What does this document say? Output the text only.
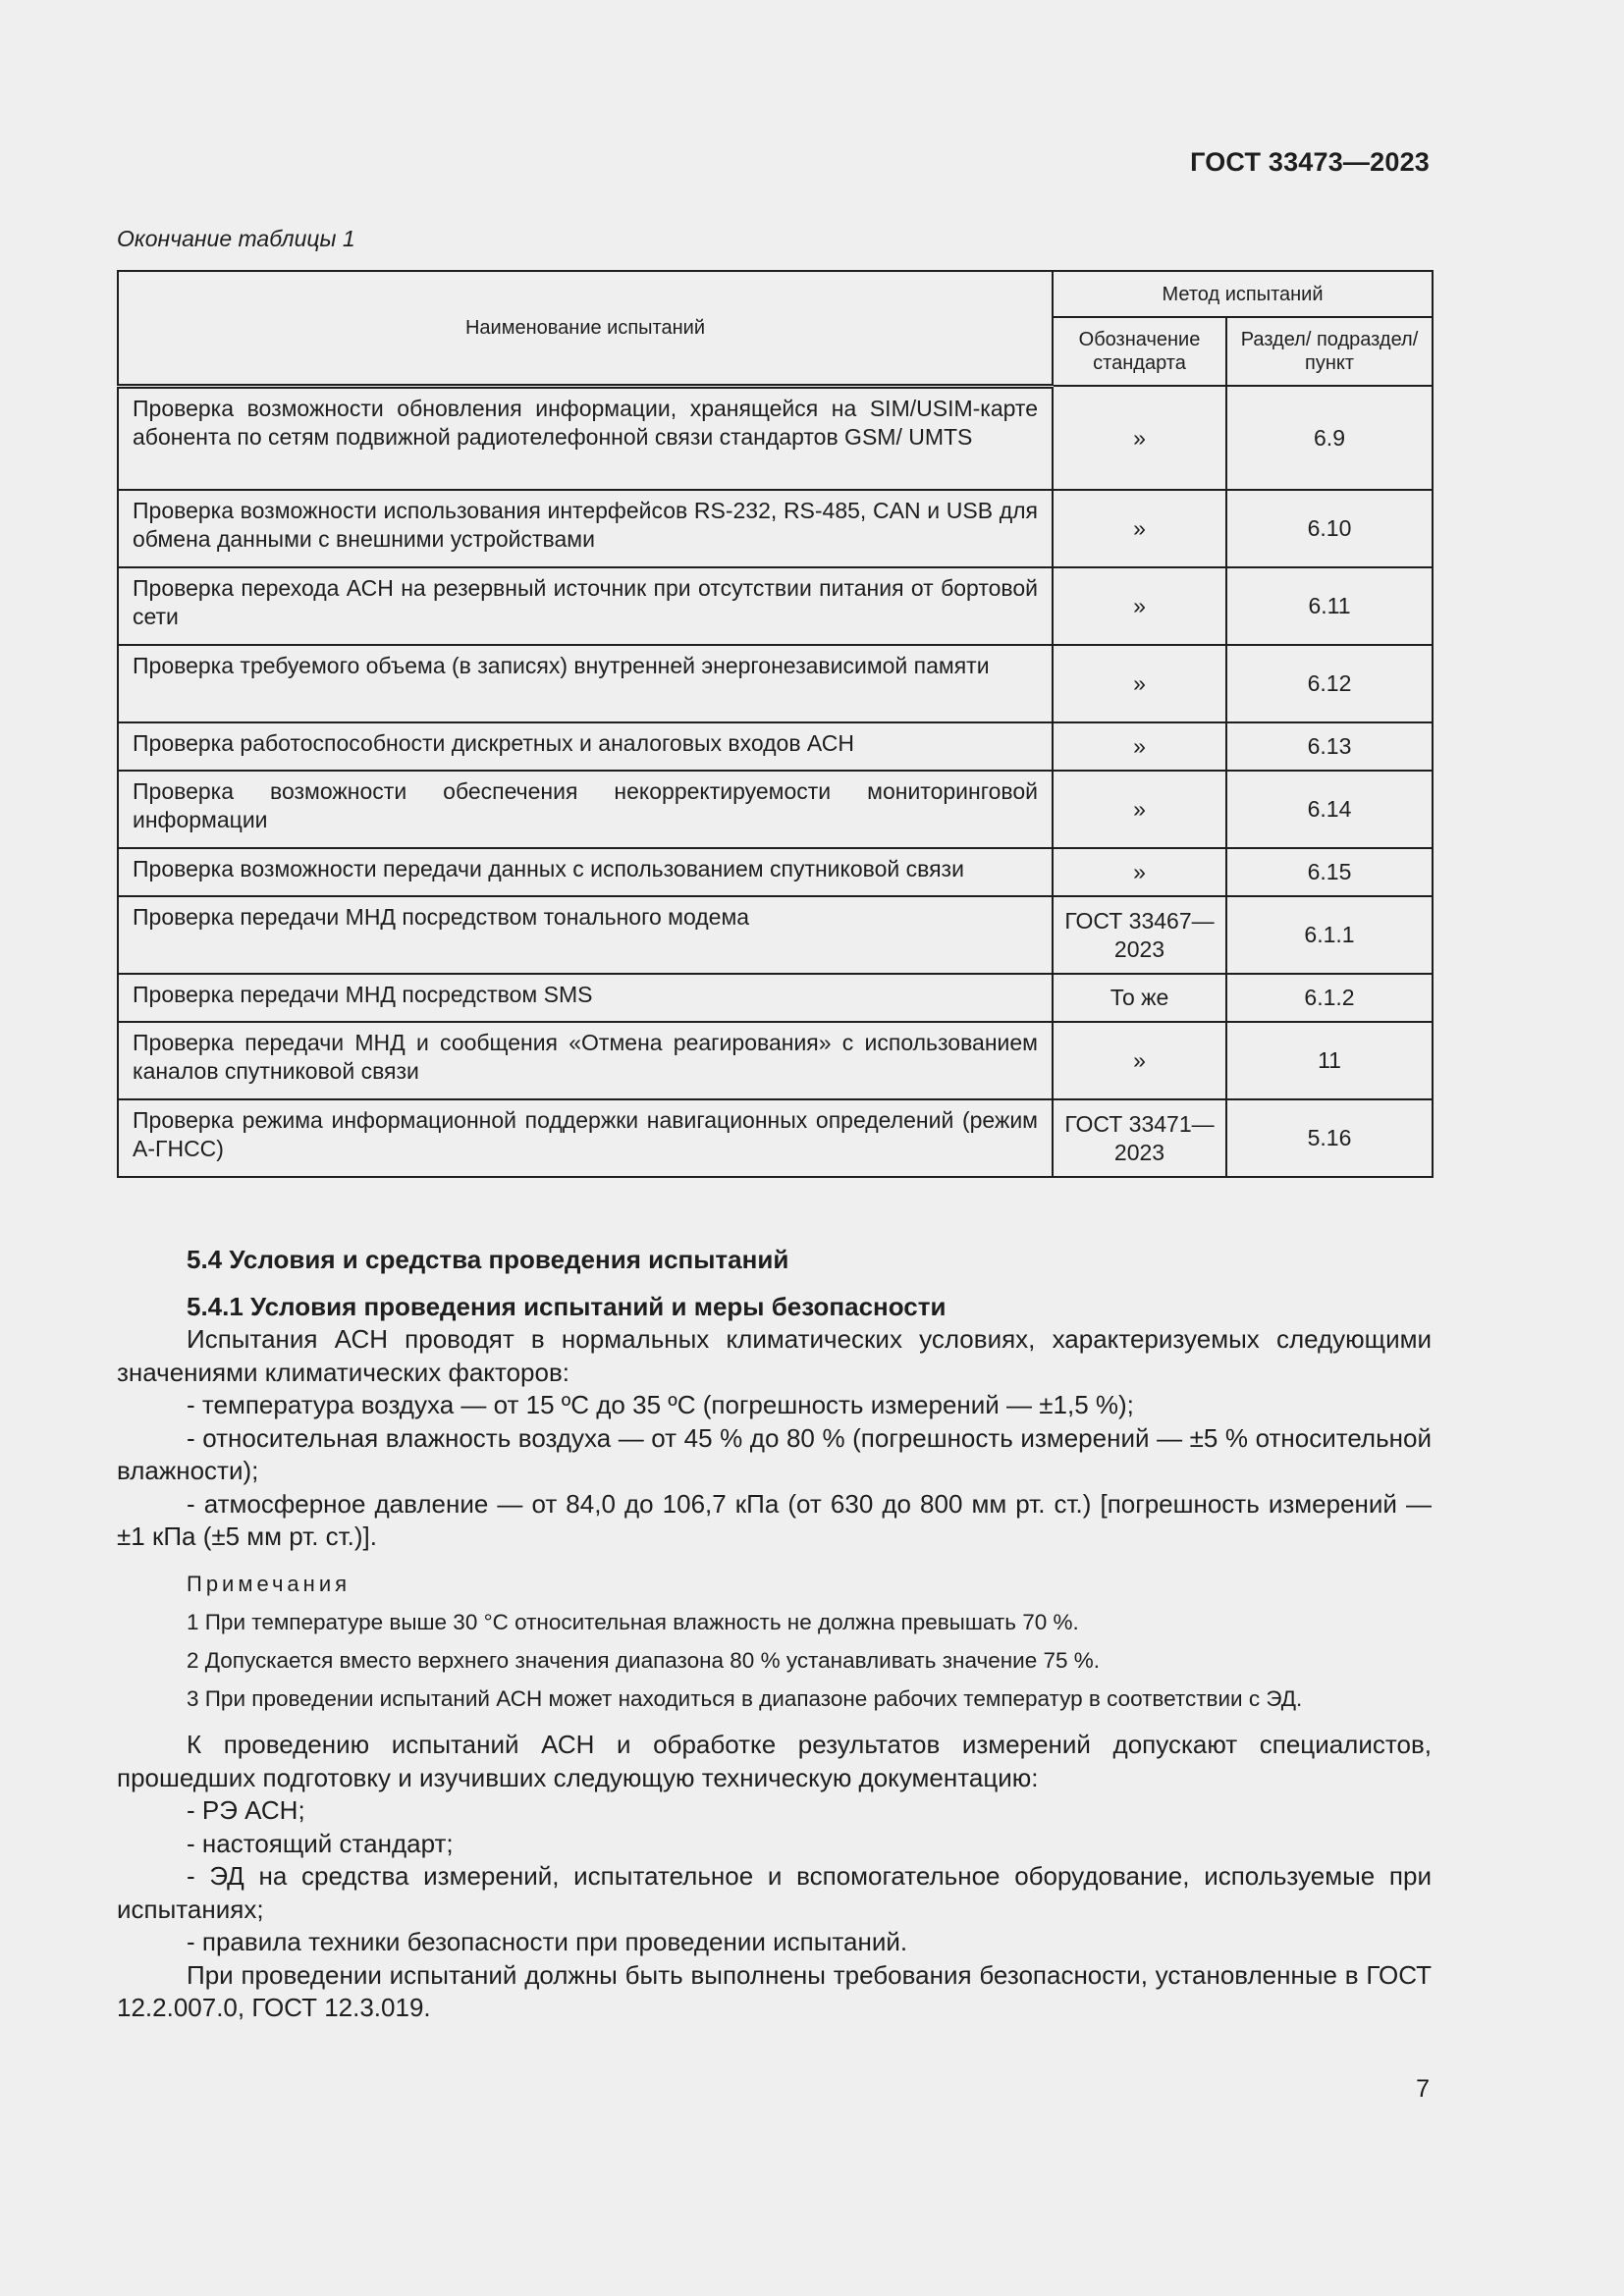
ГОСТ 33473—2023
Окончание таблицы 1
Наименование испытаний	Метод испытаний	
	Обозначение стандарта	Раздел/ подраздел/пункт
Проверка возможности обновления информации, хранящейся на SIM/USIM-карте абонента по сетям подвижной радиотелефонной связи стандартов GSM/ UMTS	»	6.9
Проверка возможности использования интерфейсов RS-232, RS-485, CAN и USB для обмена данными с внешними устройствами	»	6.10
Проверка перехода АСН на резервный источник при отсутствии питания от бортовой сети	»	6.11
Проверка требуемого объема (в записях) внутренней энергонезависимой памяти	»	6.12
Проверка работоспособности дискретных и аналоговых входов АСН	»	6.13
Проверка возможности обеспечения некорректируемости мониторинговой информации	»	6.14
Проверка возможности передачи данных с использованием спутниковой связи	»	6.15
Проверка передачи МНД посредством тонального модема	ГОСТ 33467—2023	6.1.1
Проверка передачи МНД посредством SMS	То же	6.1.2
Проверка передачи МНД и сообщения «Отмена реагирования» с использованием каналов спутниковой связи	»	11
Проверка режима информационной поддержки навигационных определений (режим А-ГНСС)	ГОСТ 33471—2023	5.16

5.4 Условия и средства проведения испытаний

5.4.1 Условия проведения испытаний и меры безопасности

Испытания АСН проводят в нормальных климатических условиях, характеризуемых следующими значениями климатических факторов:

- температура воздуха — от 15 ºС до 35 ºС (погрешность измерений — ±1,5 %);

- относительная влажность воздуха — от 45 % до 80 % (погрешность измерений — ±5 % относительной влажности);

- атмосферное давление — от 84,0 до 106,7 кПа (от 630 до 800 мм рт. ст.) [погрешность измерений — ±1 кПа (±5 мм рт. ст.)].

Примечания

1 При температуре выше 30 °С относительная влажность не должна превышать 70 %.

2 Допускается вместо верхнего значения диапазона 80 % устанавливать значение 75 %.

3 При проведении испытаний АСН может находиться в диапазоне рабочих температур в соответствии с ЭД.

К проведению испытаний АСН и обработке результатов измерений допускают специалистов, прошедших подготовку и изучивших следующую техническую документацию:

- РЭ АСН;

- настоящий стандарт;

- ЭД на средства измерений, испытательное и вспомогательное оборудование, используемые при испытаниях;

- правила техники безопасности при проведении испытаний.

При проведении испытаний должны быть выполнены требования безопасности, установленные в ГОСТ 12.2.007.0, ГОСТ 12.3.019.

7
